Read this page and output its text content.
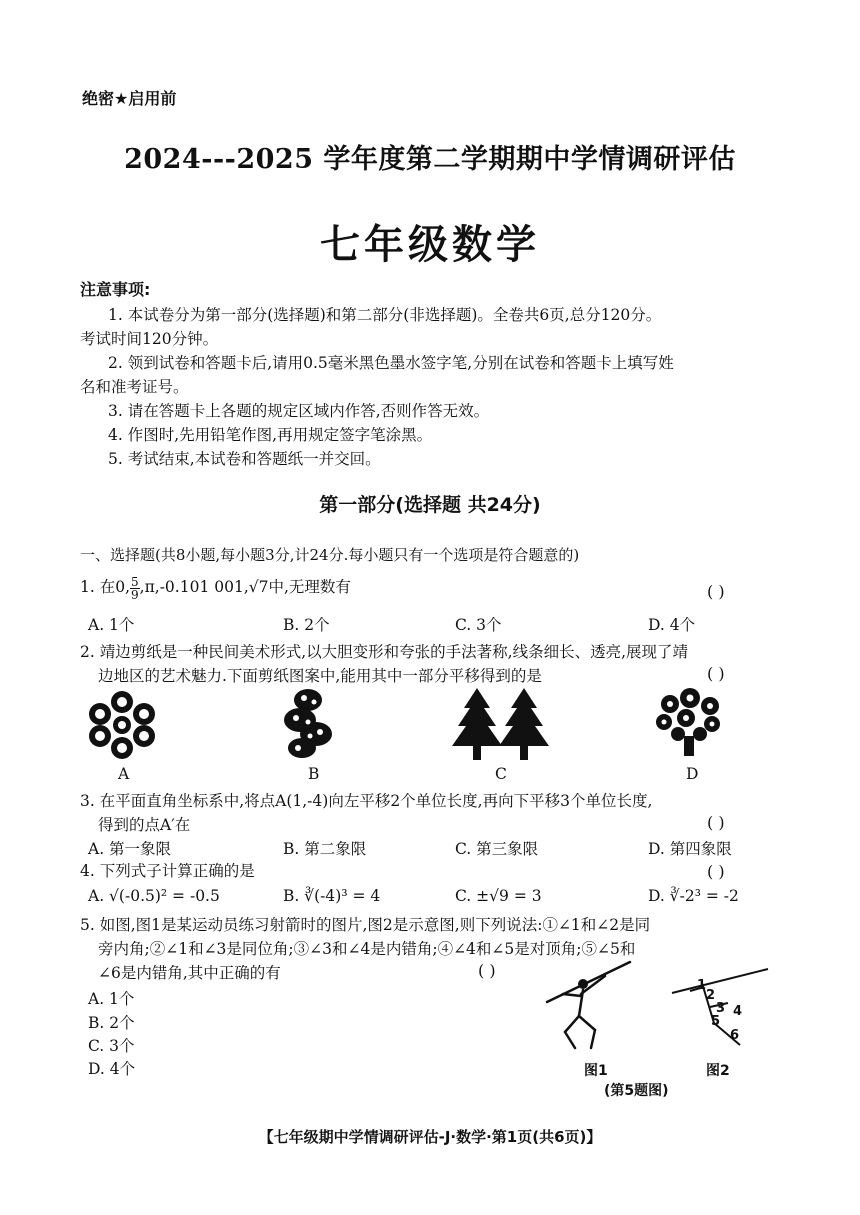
绝密★启用前
2024---2025 学年度第二学期期中学情调研评估
七年级数学
注意事项:
1. 本试卷分为第一部分(选择题)和第二部分(非选择题)。全卷共6页,总分120分。
考试时间120分钟。
2. 领到试卷和答题卡后,请用0.5毫米黑色墨水签字笔,分别在试卷和答题卡上填写姓
名和准考证号。
3. 请在答题卡上各题的规定区域内作答,否则作答无效。
4. 作图时,先用铅笔作图,再用规定签字笔涂黑。
5. 考试结束,本试卷和答题纸一并交回。
第一部分(选择题 共24分)
一、选择题(共8小题,每小题3分,计24分.每小题只有一个选项是符合题意的)
1. 在0, $\frac{5}{9} ,\pi,-0.101$ 001,√7中,无理数有	( )
A. 1个	B. 2个	C. 3个	D. 4个
2. 靖边剪纸是一种民间美术形式,以大胆变形和夸张的手法著称,线条细长、透亮,展现了靖
边地区的艺术魅力.下面剪纸图案中,能用其中一部分平移得到的是	( )
A	B	C	D
3. 在平面直角坐标系中,将点A(1,-4)向左平移2个单位长度,再向下平移3个单位长度,
得到的点A′在	( )
A. 第一象限	B. 第二象限	C. 第三象限	D. 第四象限
4. 下列式子计算正确的是	( )
A. √(-0.5)² = -0.5	B. ∛(-4)³ = 4	C. ±√9 = 3	D. ∛-2³ = -2
5. 如图,图1是某运动员练习射箭时的图片,图2是示意图,则下列说法:①∠1和∠2是同
旁内角;②∠1和∠3是同位角;③∠3和∠4是内错角;④∠4和∠5是对顶角;⑤∠5和
∠6是内错角,其中正确的有	( )
A. 1个
B. 2个
C. 3个
D. 4个
1
2
3 4
5
6
图1	图2
(第5题图)
【七年级期中学情调研评估-J·数学·第1页(共6页)】
